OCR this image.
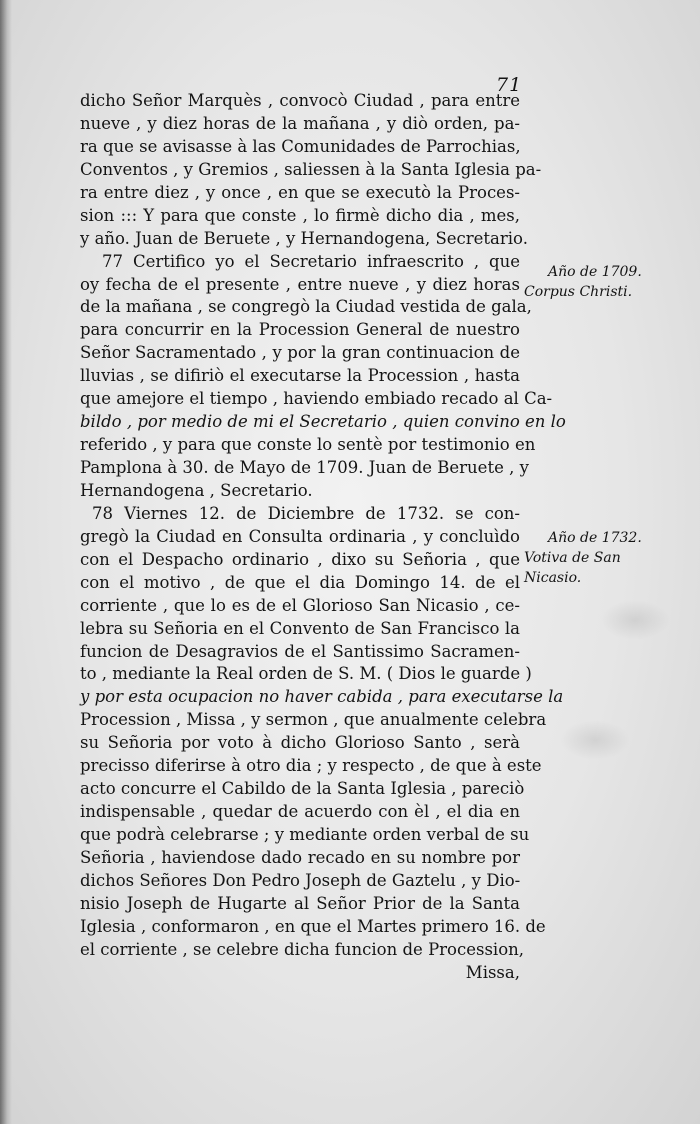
71
dicho Señor Marquès , convocò Ciudad , para entre
nueve , y diez horas de la mañana , y diò orden, pa-
ra que se avisasse à las Comunidades de Parrochias,
Conventos , y Gremios , saliessen à la Santa Iglesia pa-
ra entre diez , y once , en que se executò la Proces-
sion ::: Y para que conste , lo firmè dicho dia , mes,
y año. Juan de Beruete , y Hernandogena, Secretario.
77 Certifico yo el Secretario infraescrito , que
oy fecha de el presente , entre nueve , y diez horas
de la mañana , se congregò la Ciudad vestida de gala,
para concurrir en la Procession General de nuestro
Señor Sacramentado , y por la gran continuacion de
lluvias , se difiriò el executarse la Procession , hasta
que amejore el tiempo , haviendo embiado recado al Ca-
bildo , por medio de mi el Secretario , quien convino en lo
referido , y para que conste lo sentè por testimonio en
Pamplona à 30. de Mayo de 1709. Juan de Beruete , y
Hernandogena , Secretario.
78 Viernes 12. de Diciembre de 1732. se con-
gregò la Ciudad en Consulta ordinaria , y concluìdo
con el Despacho ordinario , dixo su Señoria , que
con el motivo , de que el dia Domingo 14. de el
corriente , que lo es de el Glorioso San Nicasio , ce-
lebra su Señoria en el Convento de San Francisco la
funcion de Desagravios de el Santissimo Sacramen-
to , mediante la Real orden de S. M. ( Dios le guarde )
y por esta ocupacion no haver cabida , para executarse la
Procession , Missa , y sermon , que anualmente celebra
su Señoria por voto à dicho Glorioso Santo , serà
precisso diferirse à otro dia ; y respecto , de que à este
acto concurre el Cabildo de la Santa Iglesia , pareciò
indispensable , quedar de acuerdo con èl , el dia en
que podrà celebrarse ; y mediante orden verbal de su
Señoria , haviendose dado recado en su nombre por
dichos Señores Don Pedro Joseph de Gaztelu , y Dio-
nisio Joseph de Hugarte al Señor Prior de la Santa
Iglesia , conformaron , en que el Martes primero 16. de
el corriente , se celebre dicha funcion de Procession,
Missa,
Año de 1709.
Corpus Christi.
Año de 1732.
Votiva de San
Nicasio.
